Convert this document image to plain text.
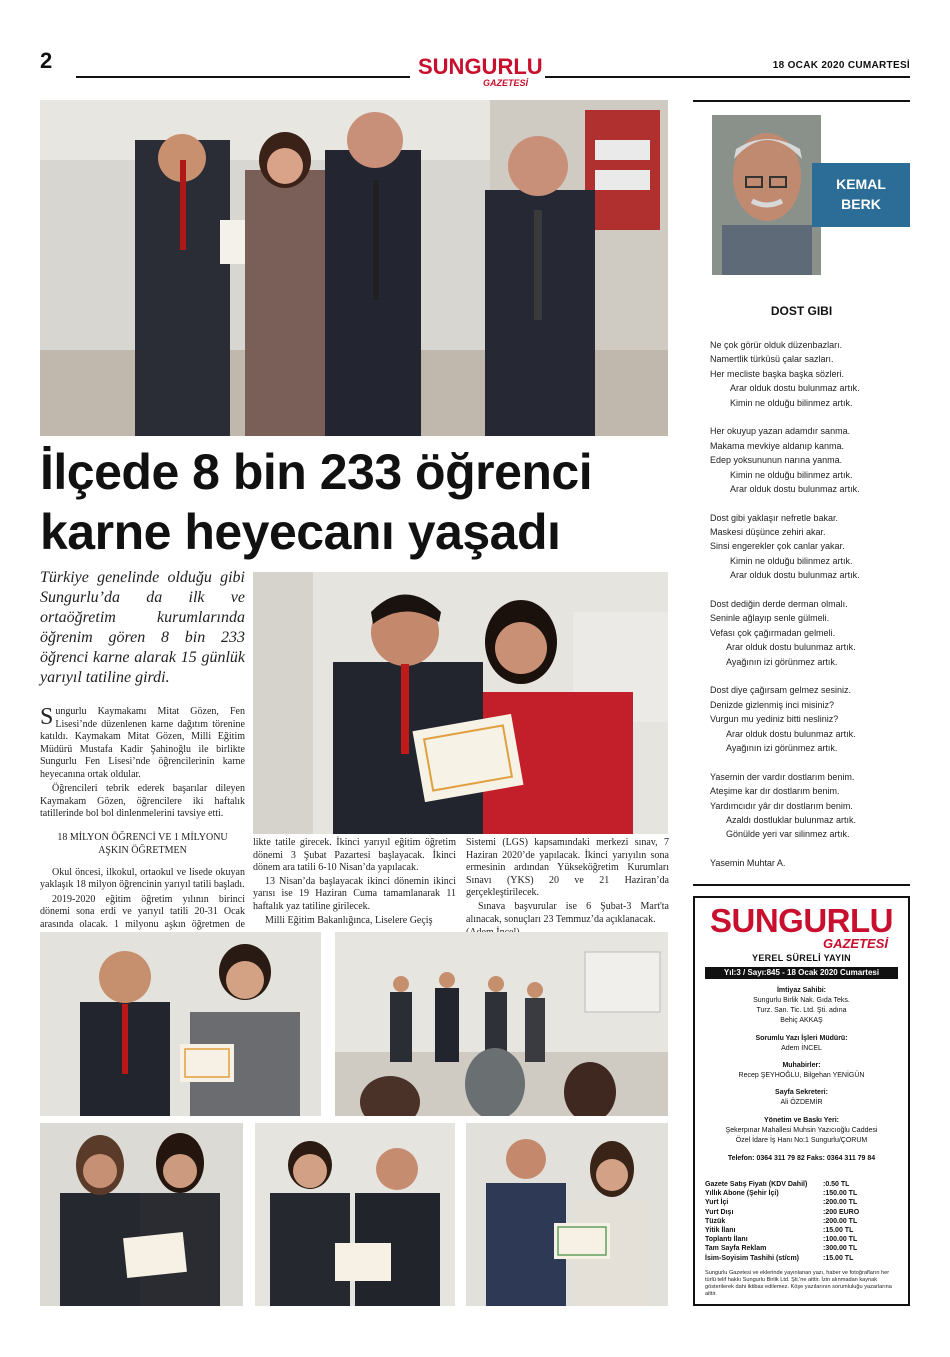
2	SUNGURLU
GAZETESİ
18 OCAK 2020 CUMARTESİ
İlçede 8 bin 233 öğrenci
karne heyecanı yaşadı
Türkiye genelinde olduğu gibi Sungurlu’da da ilk ve ortaöğretim kurumlarında öğrenim gören 8 bin 233 öğrenci karne alarak 15 günlük yarıyıl tatiline girdi.

Sungurlu Kaymakamı Mitat Gözen, Fen Lisesi’nde düzenlenen karne dağıtım törenine katıldı. Kaymakam Mitat Gözen, Milli Eğitim Müdürü Mustafa Kadir Şahinoğlu ile birlikte Sungurlu Fen Lisesi’nde öğrencilerinin karne heyecanına ortak oldular.

Öğrencileri tebrik ederek başarılar dileyen Kaymakam Gözen, öğrencilere iki haftalık tatillerinde bol bol dinlenmelerini tavsiye etti.

18 MİLYON ÖĞRENCİ VE 1 MİLYONU
AŞKIN ÖĞRETMEN

Okul öncesi, ilkokul, ortaokul ve lisede okuyan yaklaşık 18 milyon öğrencinin yarıyıl tatili başladı.

2019-2020 eğitim öğretim yılının birinci dönemi sona erdi ve yarıyıl tatili 20-31 Ocak arasında olacak. 1 milyonu aşkın öğretmen de

likte tatile girecek. İkinci yarıyıl eğitim öğretim dönemi 3 Şubat Pazartesi başlayacak. İkinci dönem ara tatili 6-10 Nisan’da yapılacak.

13 Nisan’da başlayacak ikinci dönemin ikinci yarısı ise 19 Haziran Cuma tamamlanarak 11 haftalık yaz tatiline girilecek.

Milli Eğitim Bakanlığınca, Liselere Geçiş

Sistemi (LGS) kapsamındaki merkezi sınav, 7 Haziran 2020’de yapılacak. İkinci yarıyılın sona ermesinin ardından Yükseköğretim Kurumları Sınavı (YKS) 20 ve 21 Haziran’da gerçekleştirilecek.

Sınava başvurular ise 6 Şubat-3 Mart'ta alınacak, sonuçları 23 Temmuz’da açıklanacak.

KEMAL
BERK
DOST GIBI
Ne çok görür olduk düzenbazları.
Namertlik türküsü çalar sazları.
Her mecliste başka başka sözleri.
Arar olduk dostu bulunmaz artık.
Kimin ne olduğu bilinmez artık.
Her okuyup yazan adamdır sanma.
Makama mevkiye aldanıp kanma.
Edep yoksununun narına yanma.
Kimin ne olduğu bilinmez artık.
Arar olduk dostu bulunmaz artık.
Dost gibi yaklaşır nefretle bakar.
Maskesi düşünce zehiri akar.
Sinsi engerekler çok canlar yakar.
Kimin ne olduğu bilinmez artık.
Arar olduk dostu bulunmaz artık.
Dost dediğin derde derman olmalı.
Seninle ağlayıp senle gülmeli.
Vefası çok çağırmadan gelmeli.
Arar olduk dostu bulunmaz artık.
Ayağının izi görünmez artık.
Dost diye çağırsam gelmez sesiniz.
Denizde gizlenmiş inci misiniz?
Vurgun mu yediniz bitti nesliniz?
Arar olduk dostu bulunmaz artık.
Ayağının izi görünmez artık.
Yasemin der vardır dostlarım benim.
Ateşime kar dır dostlarım benim.
Yardımcıdır yâr dır dostlarım benim.
Azaldı dostluklar bulunmaz artık.
Gönülde yeri var silinmez artık.
Yasemin Muhtar A.
SUNGURLU
GAZETESİ
YEREL SÜRELİ YAYIN
Yıl:3 / Sayı:845 - 18 Ocak 2020 Cumartesi
İmtiyaz Sahibi:
Sungurlu Birlik Nak. Gıda Teks.
Turz. San. Tic. Ltd. Şti. adına
Behiç AKKAŞ
Sorumlu Yazı İşleri Müdürü:
Adem İNCEL
Muhabirler:
Recep ŞEYHOĞLU, Bilgehan YENİGÜN
Sayfa Sekreteri:
Ali ÖZDEMİR
Yönetim ve Baskı Yeri:
Şekerpınar Mahallesi Muhsin Yazıcıoğlu Caddesi
Özel İdare İş Hanı No:1 Sungurlu/ÇORUM
Telefon: 0364 311 79 82 Faks: 0364 311 79 84
Gazete Satış Fiyatı (KDV Dahil)	:0.50 TL
Yıllık Abone (Şehir İçi)	:150.00 TL
Yurt İçi	:200.00 TL
Yurt Dışı	:200 EURO
Tüzük	:200.00 TL
Yitik İlanı	:15.00 TL
Toplantı İlanı	:100.00 TL
Tam Sayfa Reklam	:300.00 TL
İsim-Soyisim Tashihi (st/cm)	:15.00 TL
Sungurlu Gazetesi ve eklerinde yayınlanan yazı, haber ve fotoğrafların her türlü telif hakkı Sungurlu Birlik Ltd. Şti.'ne aittir. İzin alınmadan kaynak gösterilerek dahi iktibas edilemez. Köşe yazılarının sorumluluğu yazarlarına aittir.
